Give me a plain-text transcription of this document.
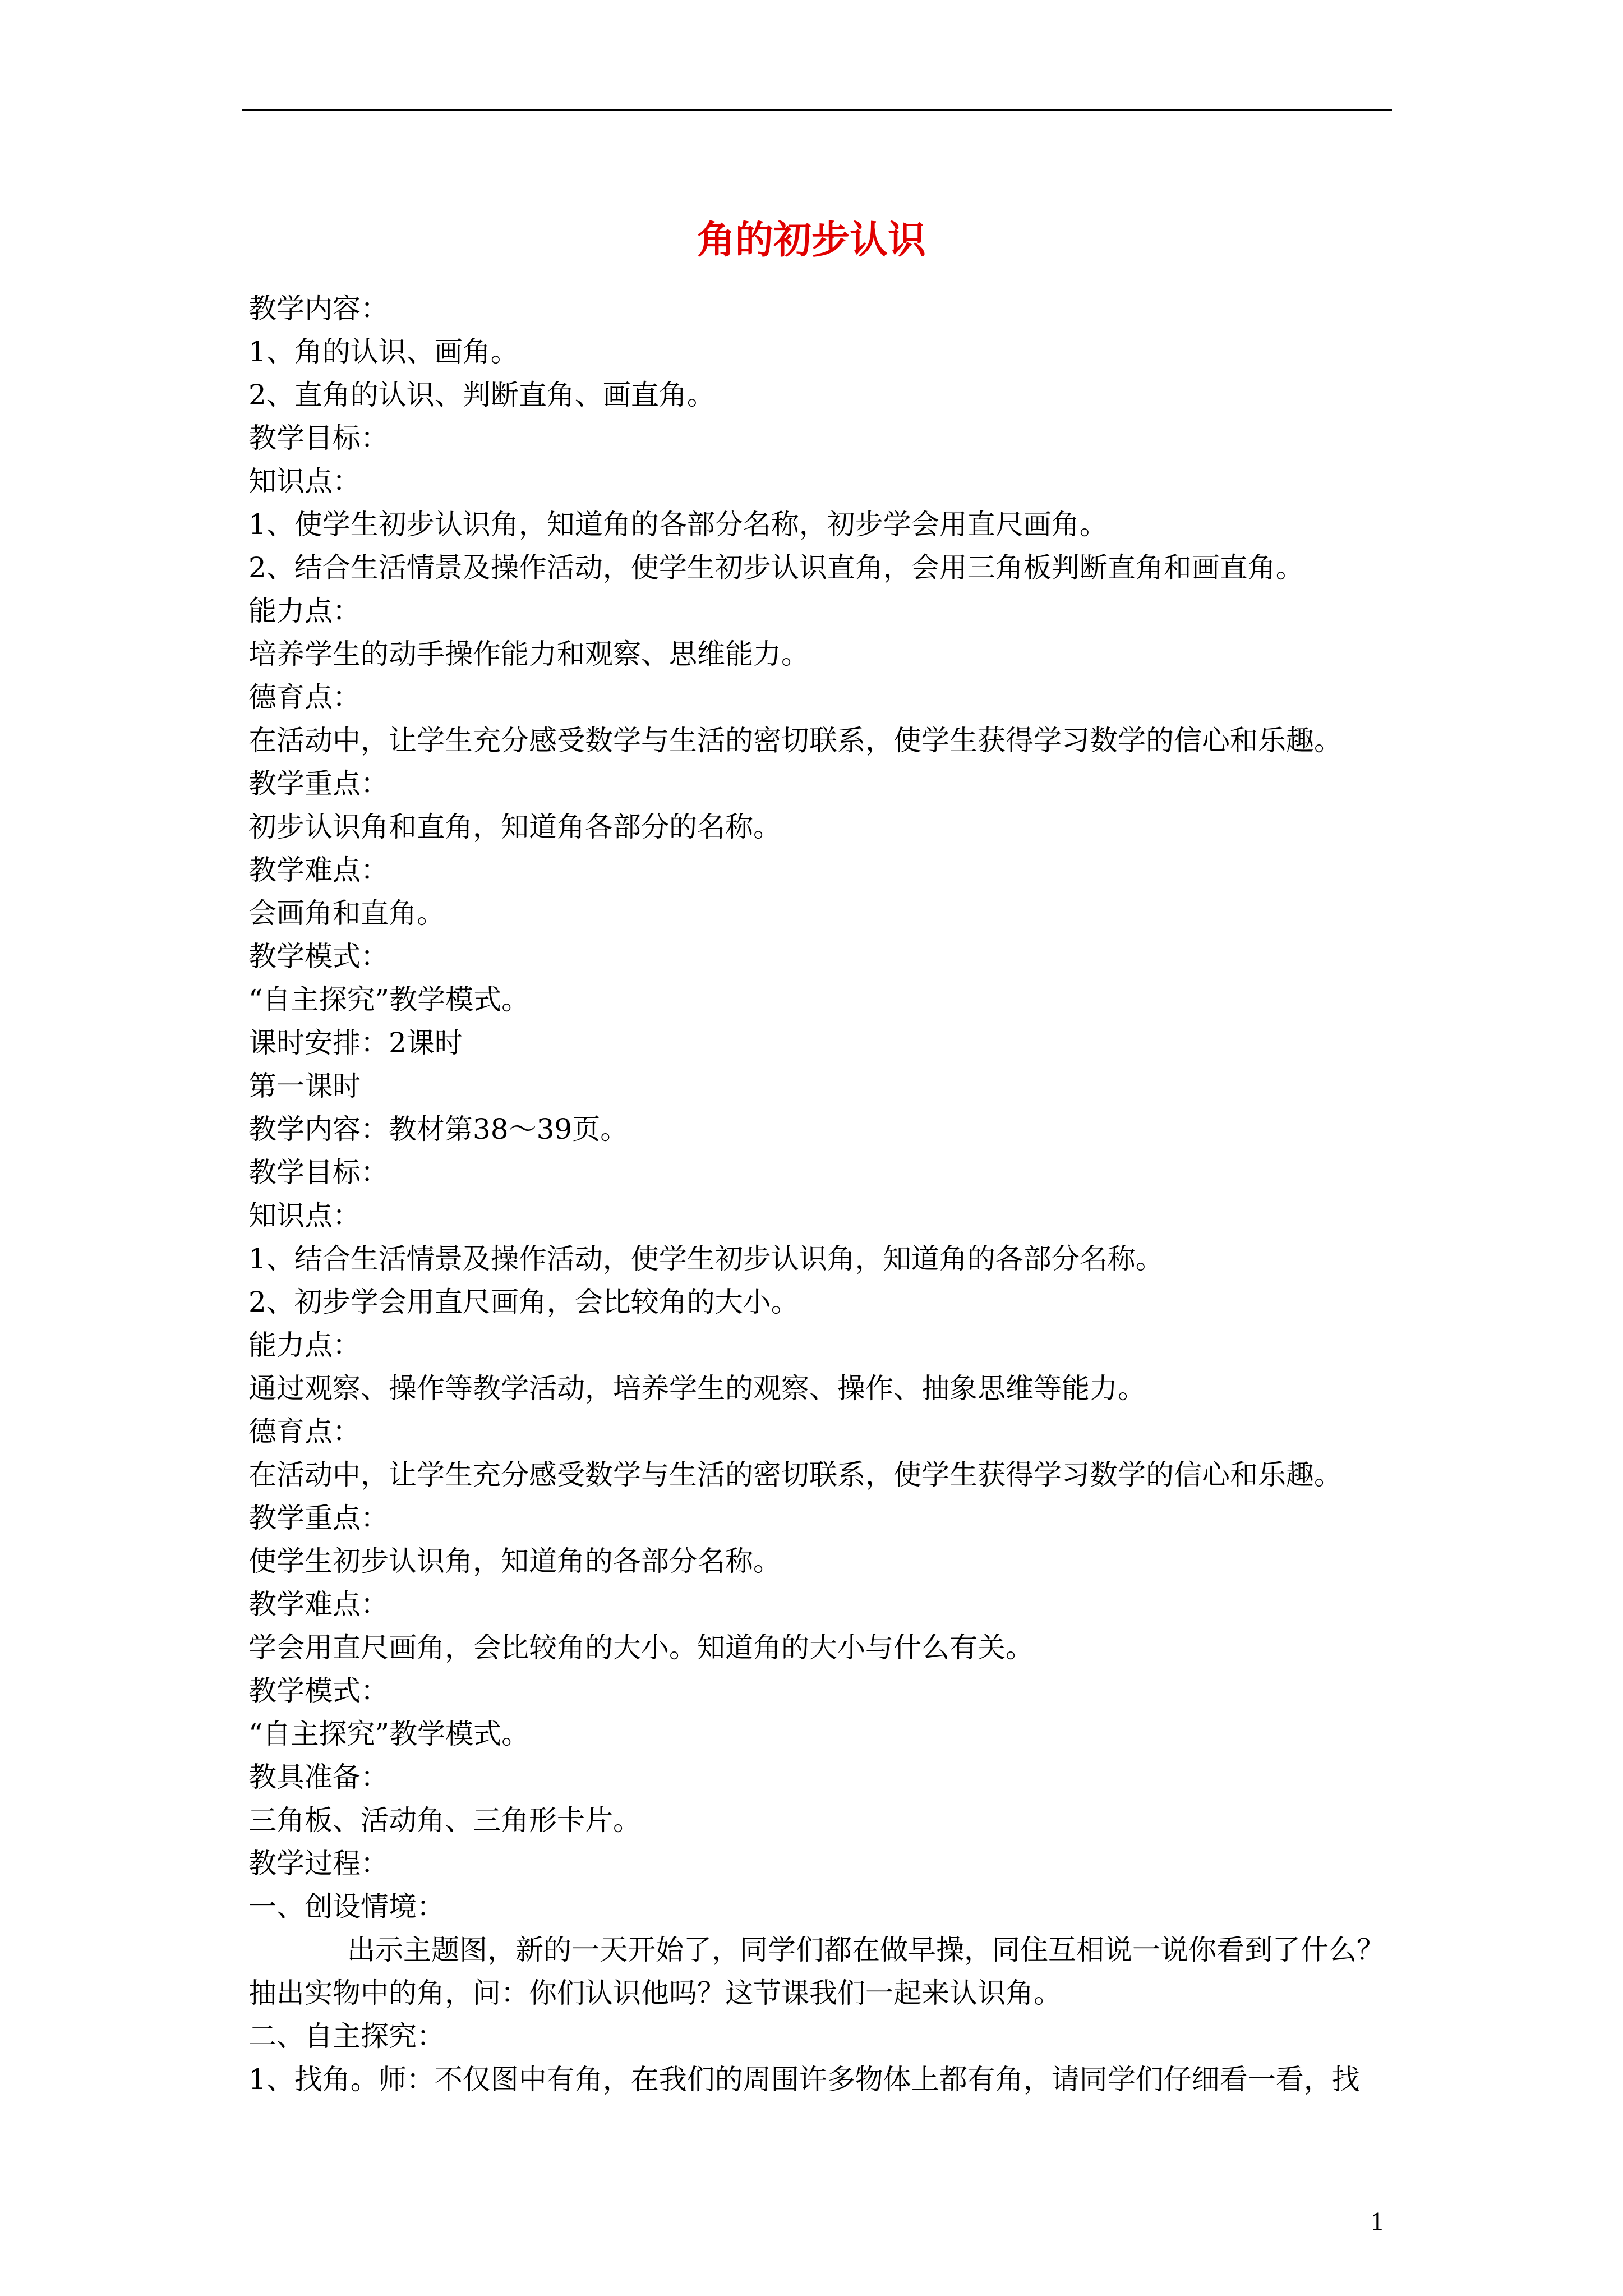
角的初步认识

教学内容：

1、角的认识、画角。

2、直角的认识、判断直角、画直角。

教学目标：

知识点：

1、使学生初步认识角，知道角的各部分名称，初步学会用直尺画角。

2、结合生活情景及操作活动，使学生初步认识直角，会用三角板判断直角和画直角。

能力点：

培养学生的动手操作能力和观察、思维能力。

德育点：

在活动中，让学生充分感受数学与生活的密切联系，使学生获得学习数学的信心和乐趣。

教学重点：

初步认识角和直角，知道角各部分的名称。

教学难点：

会画角和直角。

教学模式：

“自主探究”教学模式。

课时安排：2课时

第一课时

教学内容：教材第38～39页。

教学目标：

知识点：

1、结合生活情景及操作活动，使学生初步认识角，知道角的各部分名称。

2、初步学会用直尺画角，会比较角的大小。

能力点：

通过观察、操作等教学活动，培养学生的观察、操作、抽象思维等能力。

德育点：

在活动中，让学生充分感受数学与生活的密切联系，使学生获得学习数学的信心和乐趣。

教学重点：

使学生初步认识角，知道角的各部分名称。

教学难点：

学会用直尺画角，会比较角的大小。知道角的大小与什么有关。

教学模式：

“自主探究”教学模式。

教具准备：

三角板、活动角、三角形卡片。

教学过程：

一、创设情境：

出示主题图，新的一天开始了，同学们都在做早操，同住互相说一说你看到了什么？抽出实物中的角，问：你们认识他吗？这节课我们一起来认识角。

二、自主探究：

1、找角。师：不仅图中有角，在我们的周围许多物体上都有角，请同学们仔细看一看，找

1
